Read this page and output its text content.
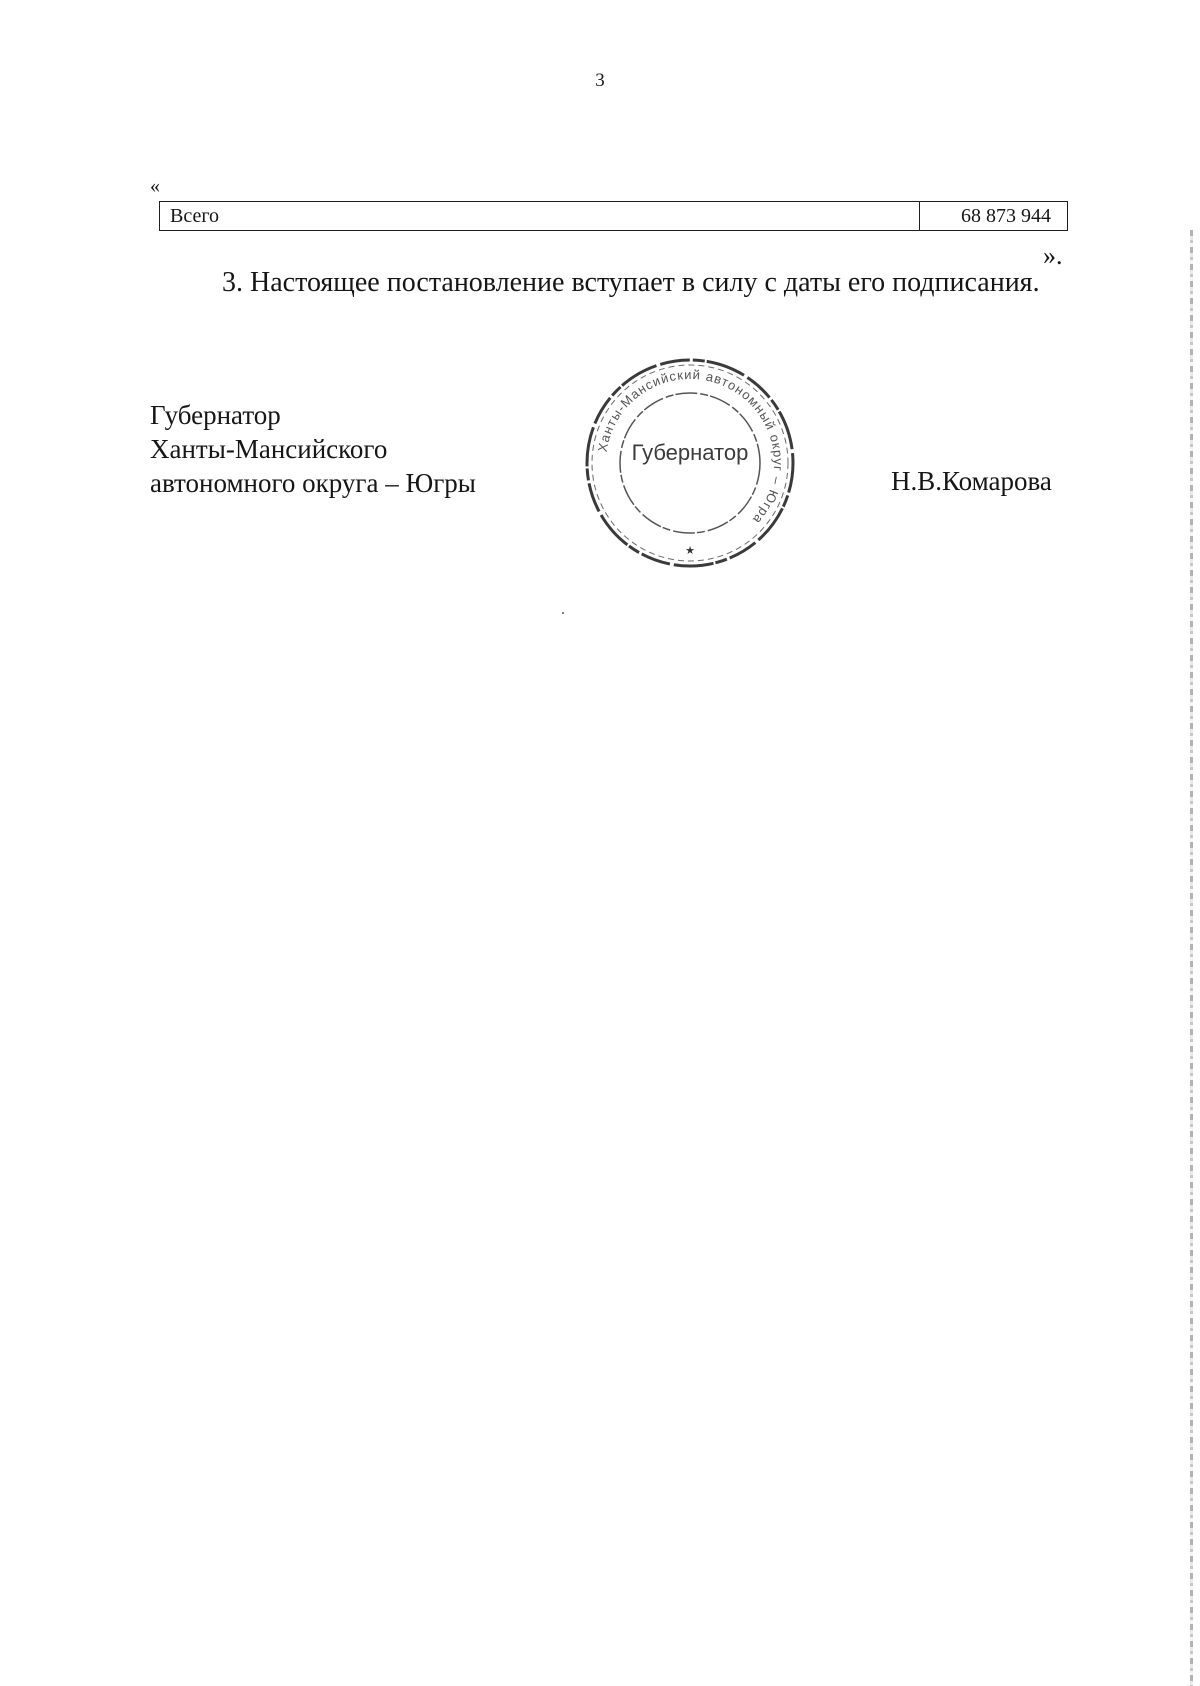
3
«
Всего	68 873 944
».
3. Настоящее постановление вступает в силу с даты его подписания.
Губернатор
Ханты-Мансийского
автономного округа – Югры
Ханты-Мансийский автономный округ – Югра
Губернатор
★
Н.В.Комарова
